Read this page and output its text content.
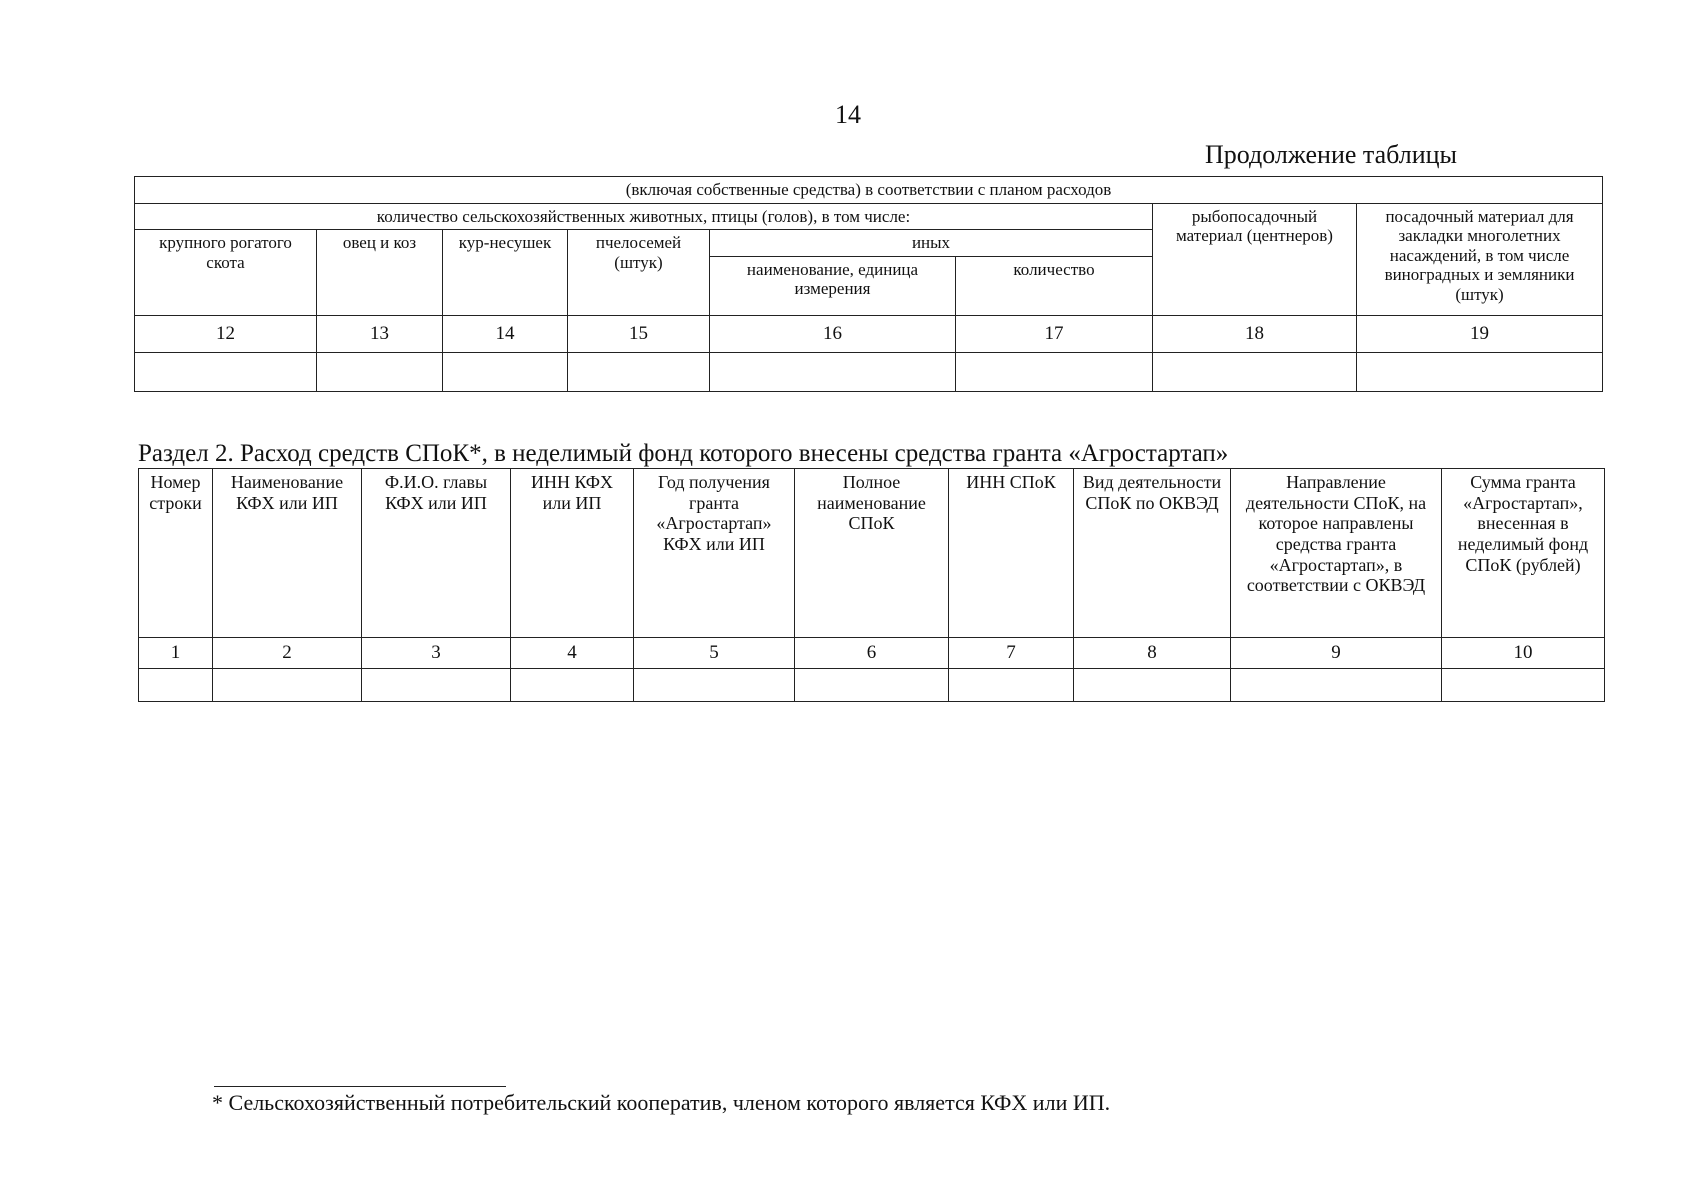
14
Продолжение таблицы
(включая собственные средства) в соответствии с планом расходов							
количество сельскохозяйственных животных, птицы (голов), в том числе:						рыбопосадочный материал (центнеров)	посадочный материал для закладки многолетних насаждений, в том числе виноградных и земляники (штук)
крупного рогатого скота	овец и коз	кур-несушек	пчелосемей (штук)	иных			
				наименование, единица измерения	количество		
12	13	14	15	16	17	18	19

Раздел 2. Расход средств СПоК*, в неделимый фонд которого внесены средства гранта «Агростартап»
Номер строки	Наименование КФХ или ИП	Ф.И.О. главы КФХ или ИП	ИНН КФХ или ИП	Год получения гранта «Агростартап» КФХ или ИП	Полное наименование СПоК	ИНН СПоК	Вид деятельности СПоК по ОКВЭД	Направление деятельности СПоК, на которое направлены средства гранта «Агростартап», в соответствии с ОКВЭД	Сумма гранта «Агростартап», внесенная в неделимый фонд СПоК (рублей)
1	2	3	4	5	6	7	8	9	10

* Сельскохозяйственный потребительский кооператив, членом которого является КФХ или ИП.
